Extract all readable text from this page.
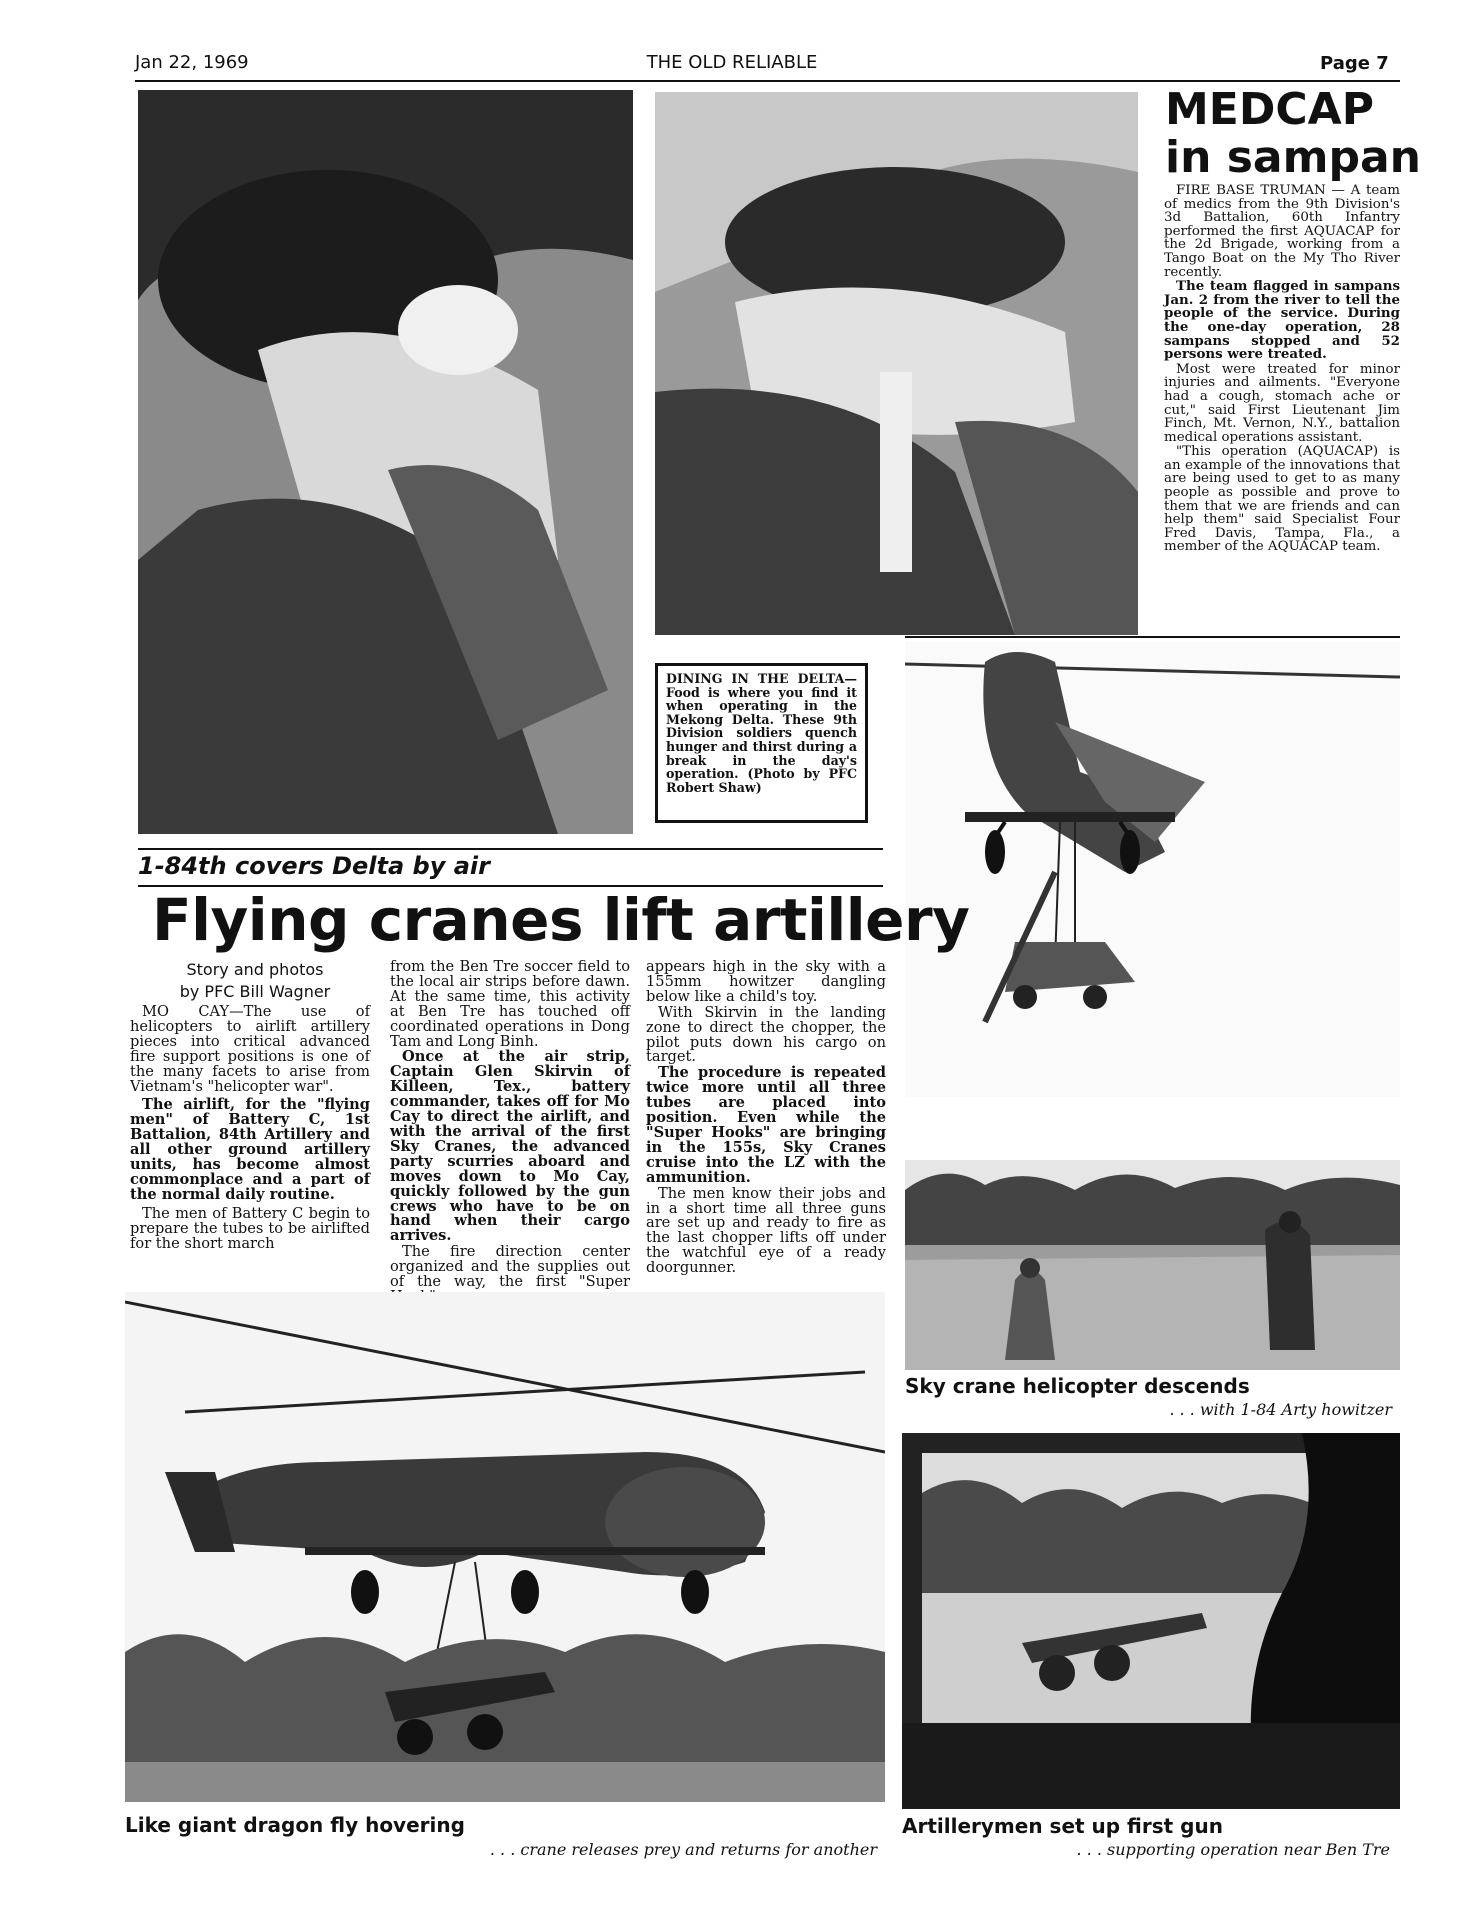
Jan 22, 1969	THE OLD RELIABLE	Page 7
MEDCAP
in sampan

FIRE BASE TRUMAN — A team of medics from the 9th Division's 3d Battalion, 60th Infantry performed the first AQUACAP for the 2d Brigade, working from a Tango Boat on the My Tho River recently.

The team flagged in sampans Jan. 2 from the river to tell the people of the service. During the one-day operation, 28 sampans stopped and 52 persons were treated.

Most were treated for minor injuries and ailments. "Everyone had a cough, stomach ache or cut," said First Lieutenant Jim Finch, Mt. Vernon, N.Y., battalion medical operations assistant.

"This operation (AQUACAP) is an example of the innovations that are being used to get to as many people as possible and prove to them that we are friends and can help them" said Specialist Four Fred Davis, Tampa, Fla., a member of the AQUACAP team.

DINING IN THE DELTA— Food is where you find it when operating in the Mekong Delta. These 9th Division soldiers quench hunger and thirst during a break in the day's operation. (Photo by PFC Robert Shaw)
Sky crane helicopter descends
. . . with 1-84 Arty howitzer
Artillerymen set up first gun
. . . supporting operation near Ben Tre
1-84th covers Delta by air
Flying cranes lift artillery
Story and photos
by PFC Bill Wagner

MO CAY—The use of helicopters to airlift artillery pieces into critical advanced fire support positions is one of the many facets to arise from Vietnam's "helicopter war".

The airlift, for the "flying men" of Battery C, 1st Battalion, 84th Artillery and all other ground artillery units, has become almost commonplace and a part of the normal daily routine.

The men of Battery C begin to prepare the tubes to be airlifted for the short march

from the Ben Tre soccer field to the local air strips before dawn. At the same time, this activity at Ben Tre has touched off coordinated operations in Dong Tam and Long Binh.

Once at the air strip, Captain Glen Skirvin of Killeen, Tex., battery commander, takes off for Mo Cay to direct the airlift, and with the arrival of the first Sky Cranes, the advanced party scurries aboard and moves down to Mo Cay, quickly followed by the gun crews who have to be on hand when their cargo arrives.

The fire direction center organized and the supplies out of the way, the first "Super

appears high in the sky with a 155mm howitzer dangling below like a child's toy.

With Skirvin in the landing zone to direct the chopper, the pilot puts down his cargo on target.

The procedure is repeated twice more until all three tubes are placed into position. Even while the "Super Hooks" are bringing in the 155s, Sky Cranes cruise into the LZ with the ammunition.

The men know their jobs and in a short time all three guns are set up and ready to fire as the last chopper lifts off under the watchful eye of a ready doorgunner.

Like giant dragon fly hovering
. . . crane releases prey and returns for another
